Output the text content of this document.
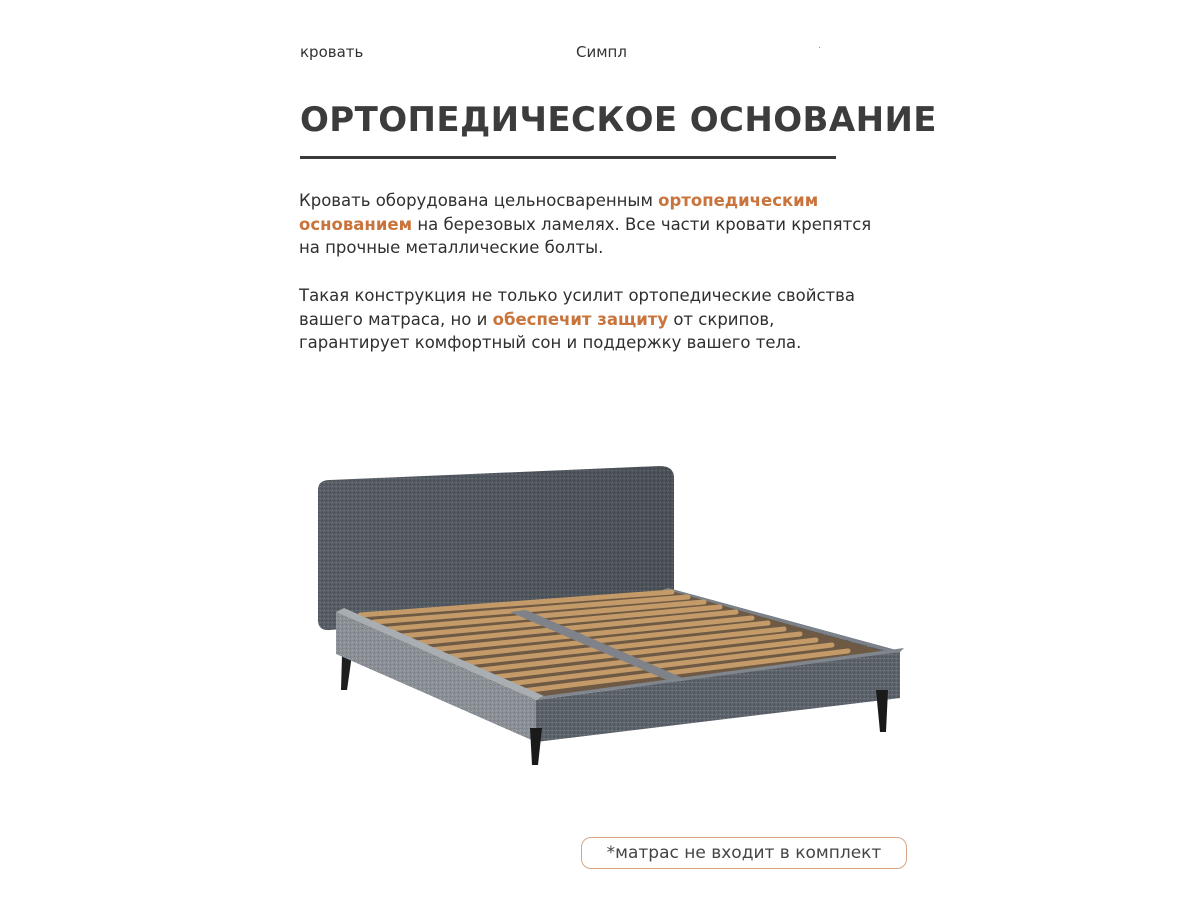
кровать	Симпл	.
ОРТОПЕДИЧЕСКОЕ ОСНОВАНИЕ
Кровать оборудована цельносваренным ортопедическим основанием на березовых ламелях. Все части кровати крепятся на прочные металлические болты.
Такая конструкция не только усилит ортопедические свойства вашего матраса, но и обеспечит защиту от скрипов, гарантирует комфортный сон и поддержку вашего тела.
*матрас не входит в комплект
